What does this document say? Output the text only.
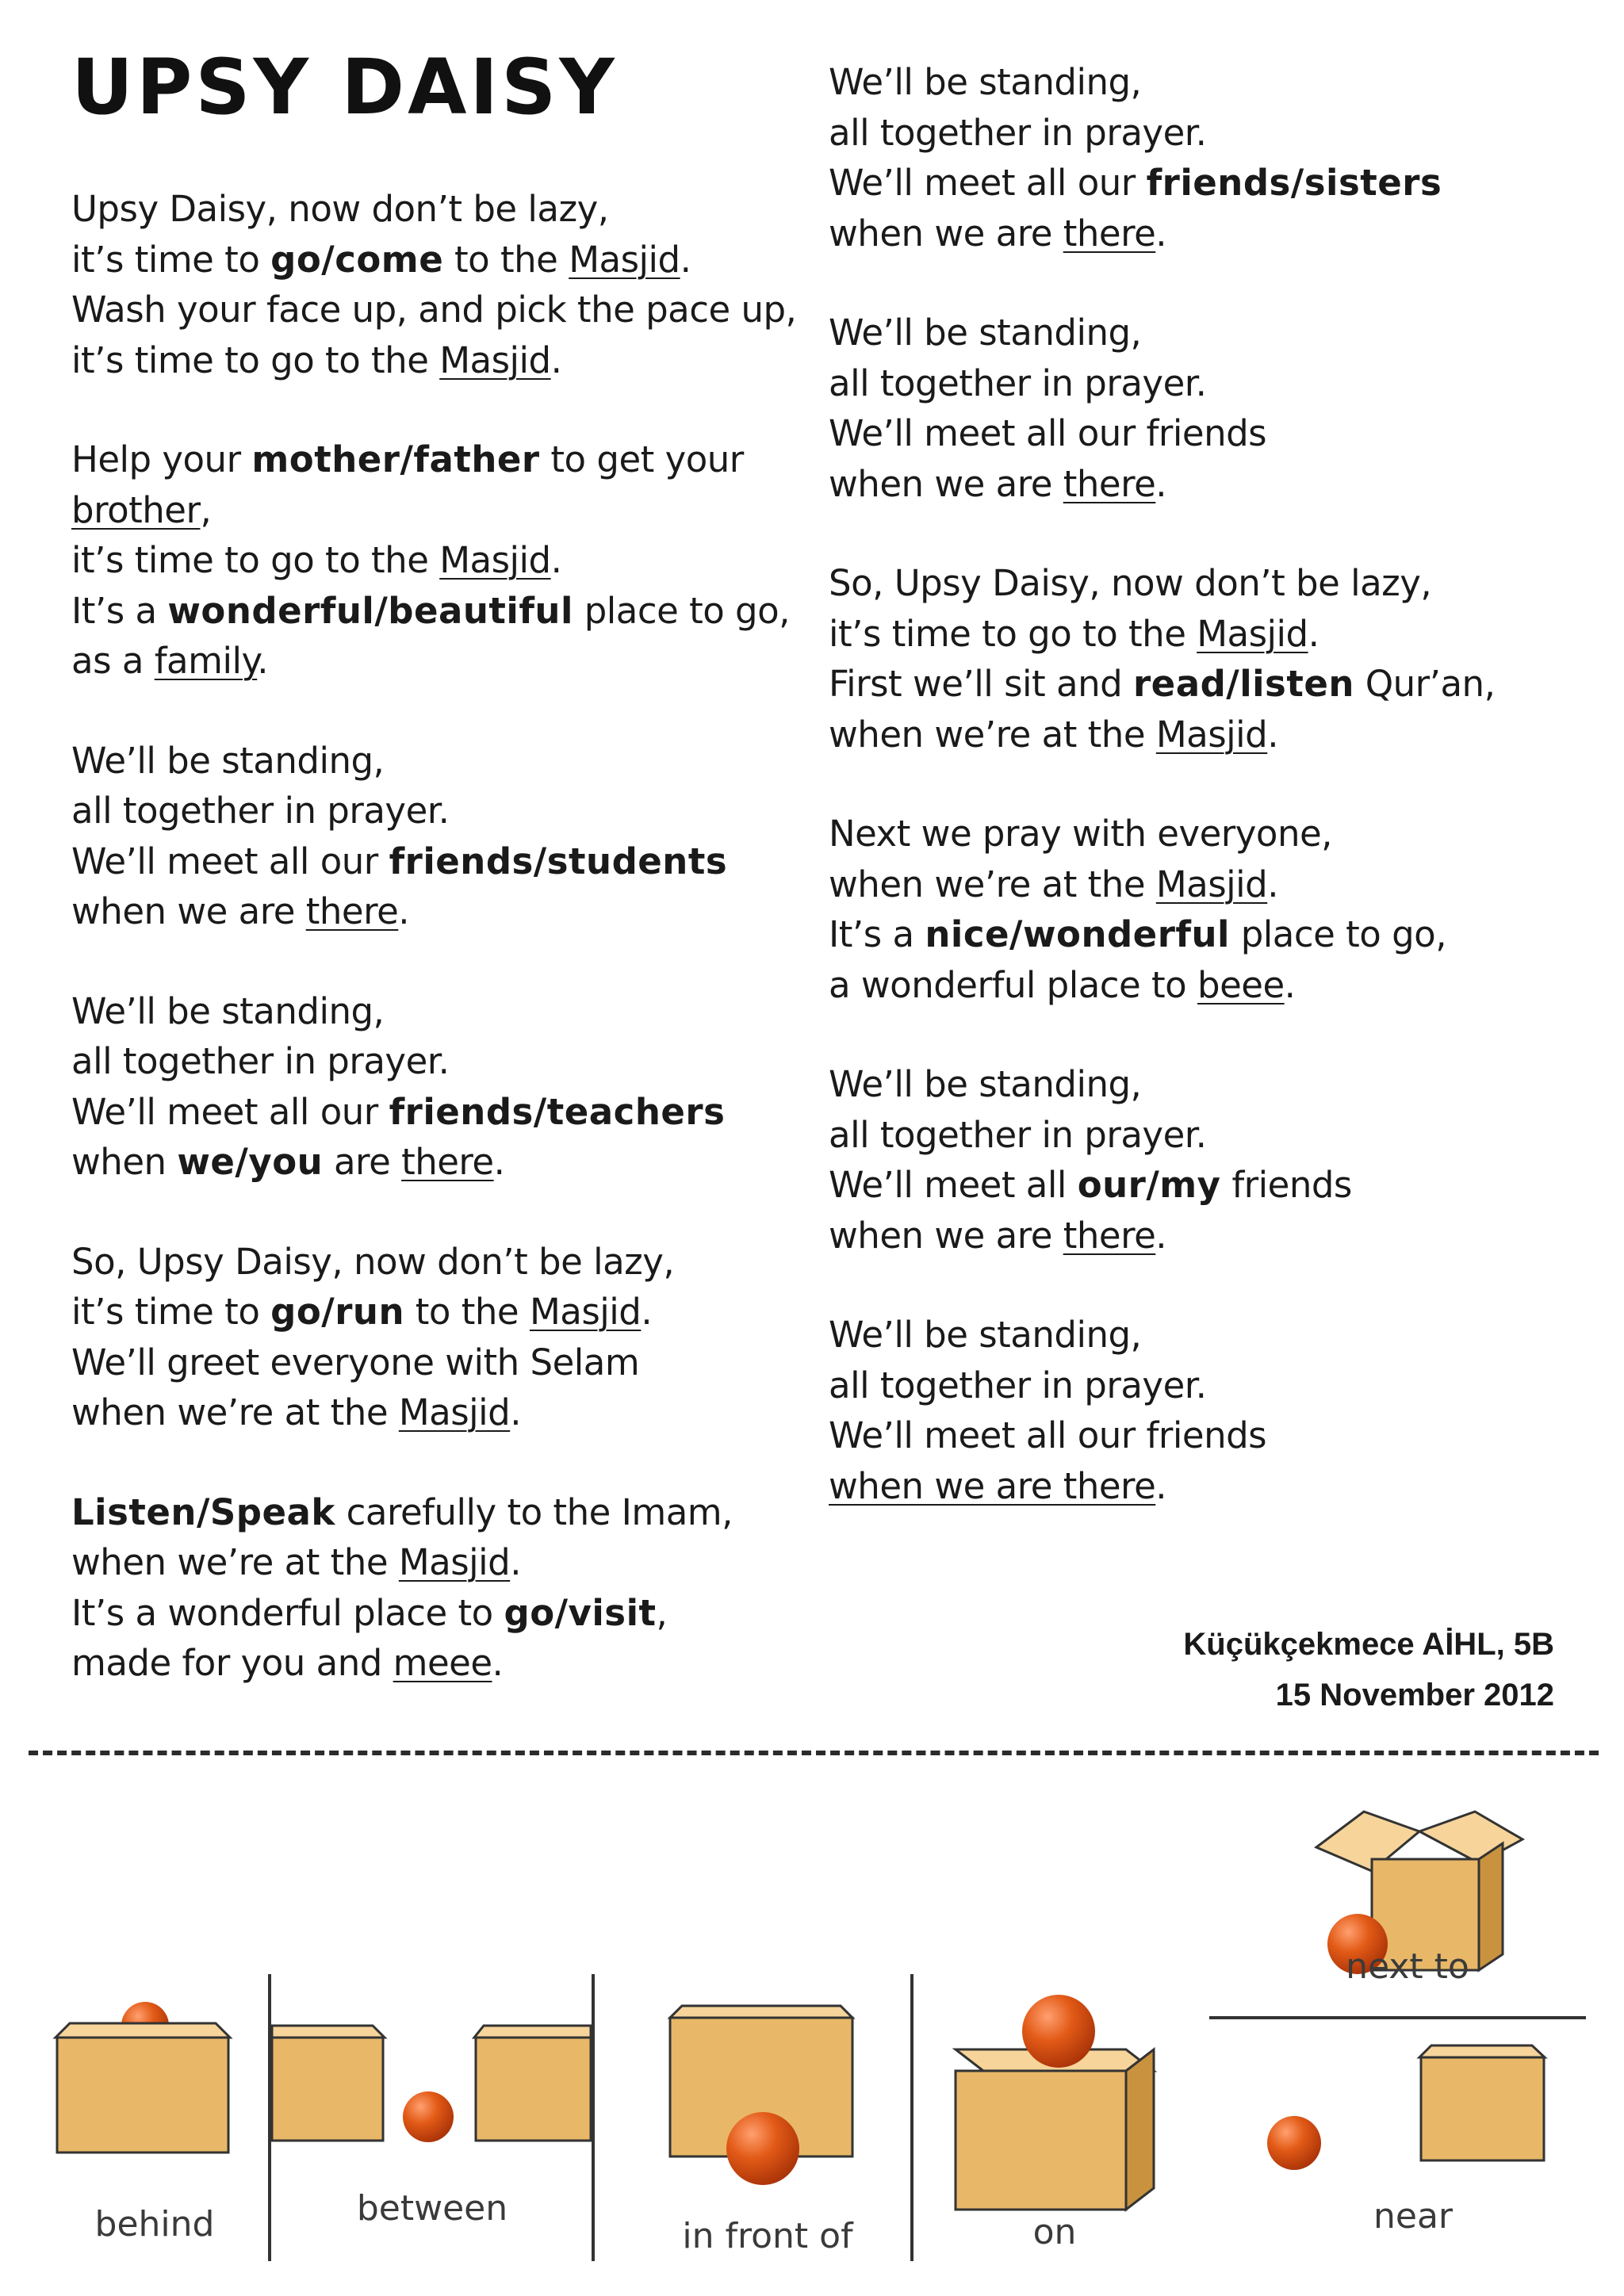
UPSY DAISY
Upsy Daisy, now don’t be lazy,
it’s time to go/come to the Masjid.
Wash your face up, and pick the pace up,
it’s time to go to the Masjid.
Help your mother/father to get your
brother,
it’s time to go to the Masjid.
It’s a wonderful/beautiful place to go,
as a family.
We’ll be standing,
all together in prayer.
We’ll meet all our friends/students
when we are there.
We’ll be standing,
all together in prayer.
We’ll meet all our friends/teachers
when we/you are there.
So, Upsy Daisy, now don’t be lazy,
it’s time to go/run to the Masjid.
We’ll greet everyone with Selam
when we’re at the Masjid.
Listen/Speak carefully to the Imam,
when we’re at the Masjid.
It’s a wonderful place to go/visit,
made for you and meee.
We’ll be standing,
all together in prayer.
We’ll meet all our friends/sisters
when we are there.
We’ll be standing,
all together in prayer.
We’ll meet all our friends
when we are there.
So, Upsy Daisy, now don’t be lazy,
it’s time to go to the Masjid.
First we’ll sit and read/listen Qur’an,
when we’re at the Masjid.
Next we pray with everyone,
when we’re at the Masjid.
It’s a nice/wonderful place to go,
a wonderful place to beee.
We’ll be standing,
all together in prayer.
We’ll meet all our/my friends
when we are there.
We’ll be standing,
all together in prayer.
We’ll meet all our friends
when we are there.
Küçükçekmece AİHL, 5B
15 November 2012
behind	between
in front of	on
next to
near
